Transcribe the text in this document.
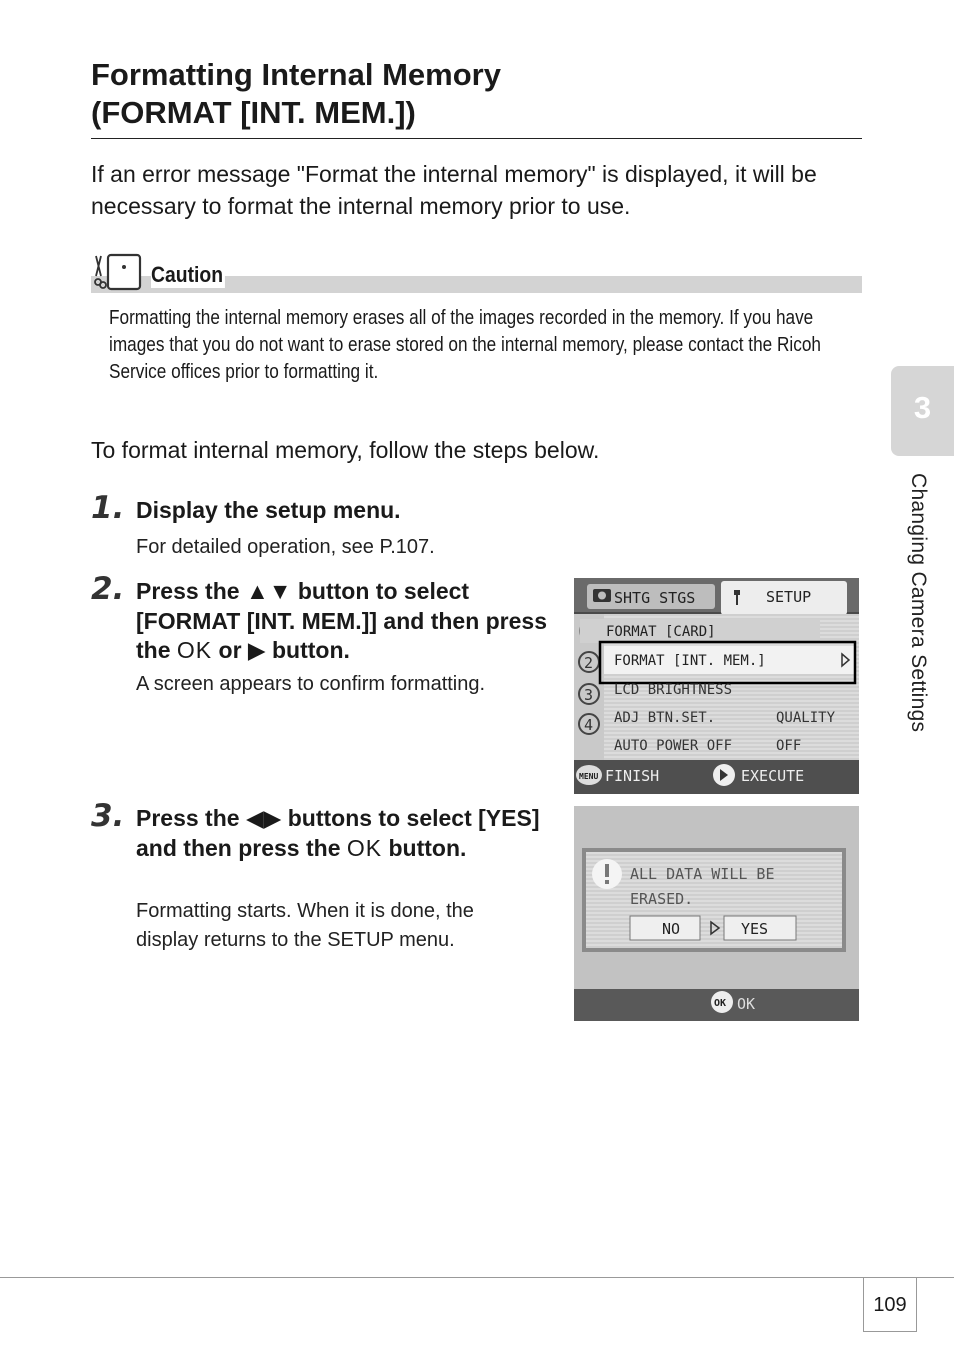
Formatting Internal Memory
(FORMAT [INT. MEM.])

If an error message "Format the internal memory" is displayed, it will be necessary to format the internal memory prior to use.

Caution

Formatting the internal memory erases all of the images recorded in the memory. If you have images that you do not want to erase stored on the internal memory, please contact the Ricoh Service offices prior to formatting it.

To format internal memory, follow the steps below.

1. Display the setup menu.

For detailed operation, see P.107.

2. Press the ▲▼ button to select [FORMAT [INT. MEM.]] and then press the OK or ▶ button.

A screen appears to confirm formatting.

3. Press the ◀▶ buttons to select [YES] and then press the OK button.

Formatting starts. When it is done, the display returns to the SETUP menu.

SHTG STGS	SETUP
2
3
4
FORMAT [CARD]
FORMAT [INT. MEM.]
LCD BRIGHTNESS
ADJ BTN.SET.	QUALITY
AUTO POWER OFF	OFF
MENU FINISH	EXECUTE
ALL DATA WILL BE
ERASED.
NO	YES
OK OK
3
Changing Camera Settings
109
